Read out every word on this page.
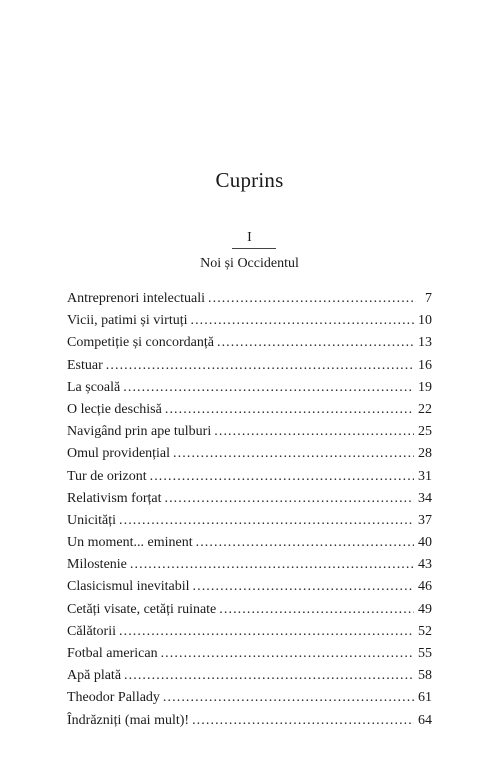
Cuprins
I
Noi și Occidentul
Antreprenori intelectuali . . .	7
Vicii, patimi și virtuți . . .	10
Competiție și concordanță . . .	13
Estuar . . .	16
La școală . . .	19
O lecție deschisă . . .	22
Navigând prin ape tulburi . . .	25
Omul providențial . . .	28
Tur de orizont . . .	31
Relativism forțat . . .	34
Unicități . . .	37
Un moment... eminent . . .	40
Milostenie . . .	43
Clasicismul inevitabil . . .	46
Cetăți visate, cetăți ruinate . . .	49
Călătorii . . .	52
Fotbal american . . .	55
Apă plată . . .	58
Theodor Pallady . . .	61
Îndrăzniți (mai mult)! . . .	64
